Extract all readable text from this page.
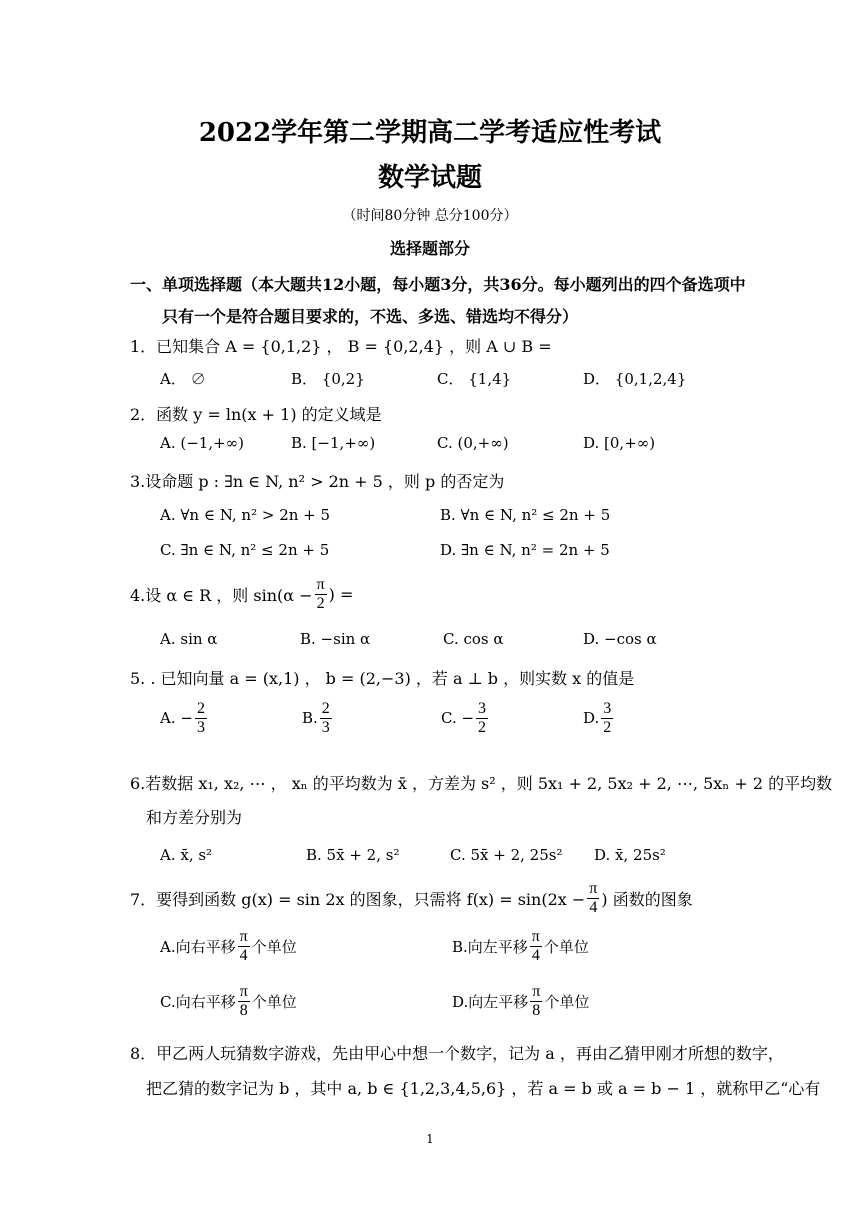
2022学年第二学期高二学考适应性考试
数学试题
（时间80分钟 总分100分）
选择题部分
一、单项选择题（本大题共12小题，每小题3分，共36分。每小题列出的四个备选项中
只有一个是符合题目要求的，不选、多选、错选均不得分）
1．已知集合 A = {0,1,2} ， B = {0,2,4} ，则 A ∪ B =
A． ∅	B． {0,2}	C． {1,4}	D． {0,1,2,4}
2．函数 y = ln(x + 1) 的定义域是
A. (−1,+∞)	B. [−1,+∞)	C. (0,+∞)	D. [0,+∞)
3.设命题 p : ∃n ∈ N, n² > 2n + 5 ，则 p 的否定为
A. ∀n ∈ N, n² > 2n + 5	B. ∀n ∈ N, n² ≤ 2n + 5
C. ∃n ∈ N, n² ≤ 2n + 5	D. ∃n ∈ N, n² = 2n + 5
4.设 α ∈ R ，则 $\sin(\alpha - \frac{\pi}{2}$ ) =
A. sin α	B. −sin α	C. cos α	D. −cos α
5. . 已知向量 a = (x,1) ， b = (2,−3) ，若 a ⊥ b ，则实数 x 的值是
A. − $\frac{2}{3}$	B. $\frac{2}{3}$	C. − $\frac{3}{2}$	D. $\frac{3}{2}$
6.若数据 x₁, x₂, ⋯ ， xₙ 的平均数为 x̄ ，方差为 s² ，则 5x₁ + 2, 5x₂ + 2, ⋯, 5xₙ + 2 的平均数
和方差分别为
A. x̄, s²	B. 5x̄ + 2, s²	C. 5x̄ + 2, 25s² D. x̄, 25s²
7．要得到函数 g(x) = sin 2x 的图象，只需将 $f(x) = \sin(2x - \frac{\pi}{4}$ ) 函数的图象
A.向右平移 $\frac{\pi}{4}$ 个单位	B.向左平移 $\frac{\pi}{4}$ 个单位
C.向右平移 $\frac{\pi}{8}$ 个单位	D.向左平移 $\frac{\pi}{8}$ 个单位
8．甲乙两人玩猜数字游戏，先由甲心中想一个数字，记为 a ，再由乙猜甲刚才所想的数字，
把乙猜的数字记为 b ，其中 a, b ∈ {1,2,3,4,5,6} ，若 a = b 或 a = b − 1 ，就称甲乙“心有
1
